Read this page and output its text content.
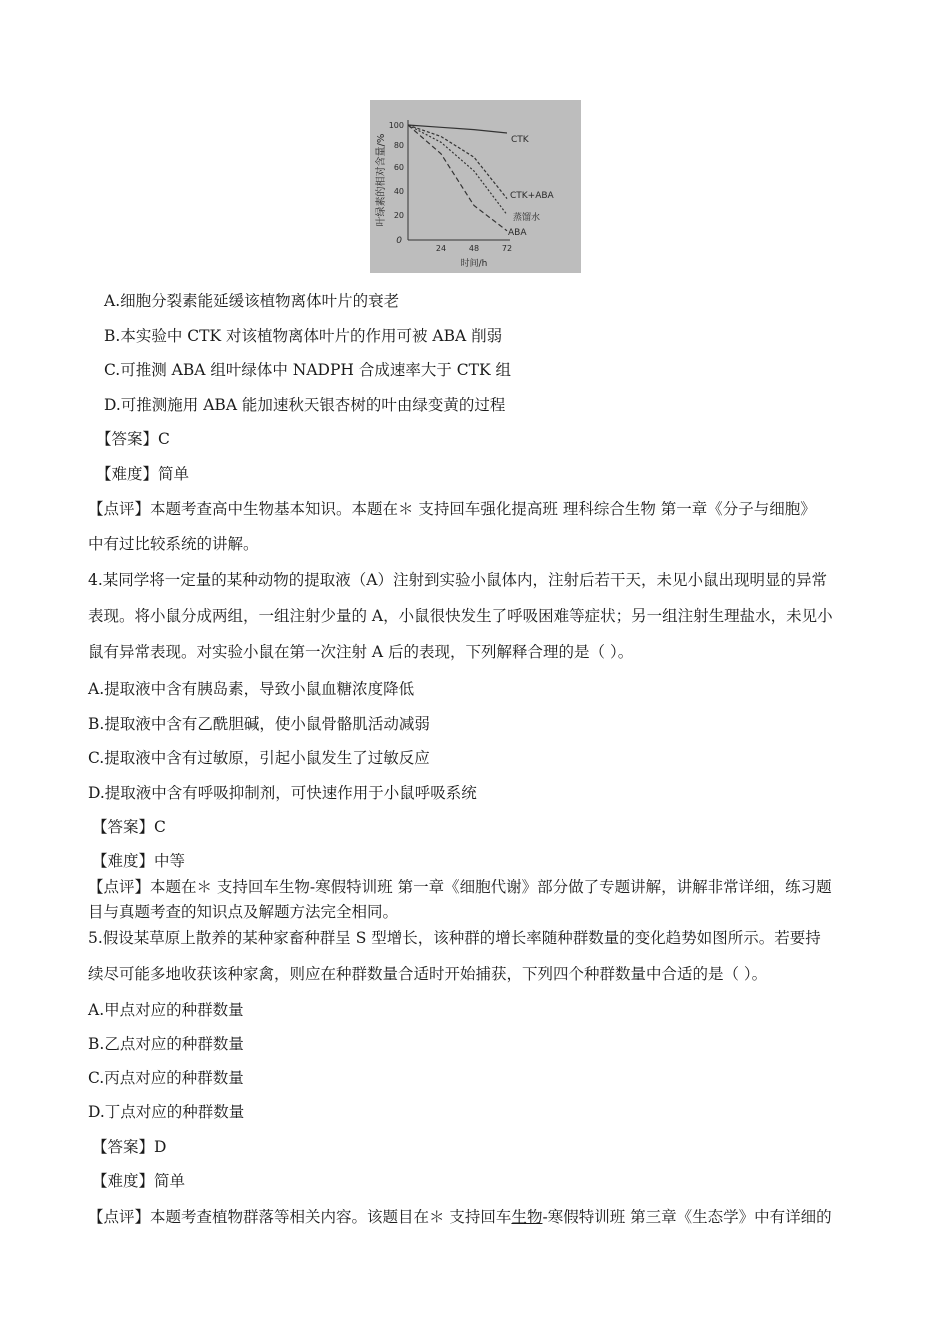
叶绿素的相对含量/%
100
80
60
40
20
0
24	48	72
时间/h
CTK
CTK+ABA
蒸馏水
ABA
A.细胞分裂素能延缓该植物离体叶片的衰老
B.本实验中 CTK 对该植物离体叶片的作用可被 ABA 削弱
C.可推测 ABA 组叶绿体中 NADPH 合成速率大于 CTK 组
D.可推测施用 ABA 能加速秋天银杏树的叶由绿变黄的过程
【答案】C
【难度】简单
【点评】本题考查高中生物基本知识。本题在＊ 支持回车强化提高班 理科综合生物 第一章《分子与细胞》
中有过比较系统的讲解。
4.某同学将一定量的某种动物的提取液（A）注射到实验小鼠体内，注射后若干天，未见小鼠出现明显的异常
表现。将小鼠分成两组，一组注射少量的 A，小鼠很快发生了呼吸困难等症状；另一组注射生理盐水，未见小
鼠有异常表现。对实验小鼠在第一次注射 A 后的表现，下列解释合理的是（ ）。
A.提取液中含有胰岛素，导致小鼠血糖浓度降低
B.提取液中含有乙酰胆碱，使小鼠骨骼肌活动减弱
C.提取液中含有过敏原，引起小鼠发生了过敏反应
D.提取液中含有呼吸抑制剂，可快速作用于小鼠呼吸系统
【答案】C
【难度】中等
【点评】本题在＊ 支持回车生物-寒假特训班 第一章《细胞代谢》部分做了专题讲解，讲解非常详细，练习题
目与真题考查的知识点及解题方法完全相同。
5.假设某草原上散养的某种家畜种群呈 S 型增长，该种群的增长率随种群数量的变化趋势如图所示。若要持
续尽可能多地收获该种家禽，则应在种群数量合适时开始捕获，下列四个种群数量中合适的是（ ）。
A.甲点对应的种群数量
B.乙点对应的种群数量
C.丙点对应的种群数量
D.丁点对应的种群数量
【答案】D
【难度】简单
【点评】本题考查植物群落等相关内容。该题目在＊ 支持回车生物-寒假特训班 第三章《生态学》中有详细的
